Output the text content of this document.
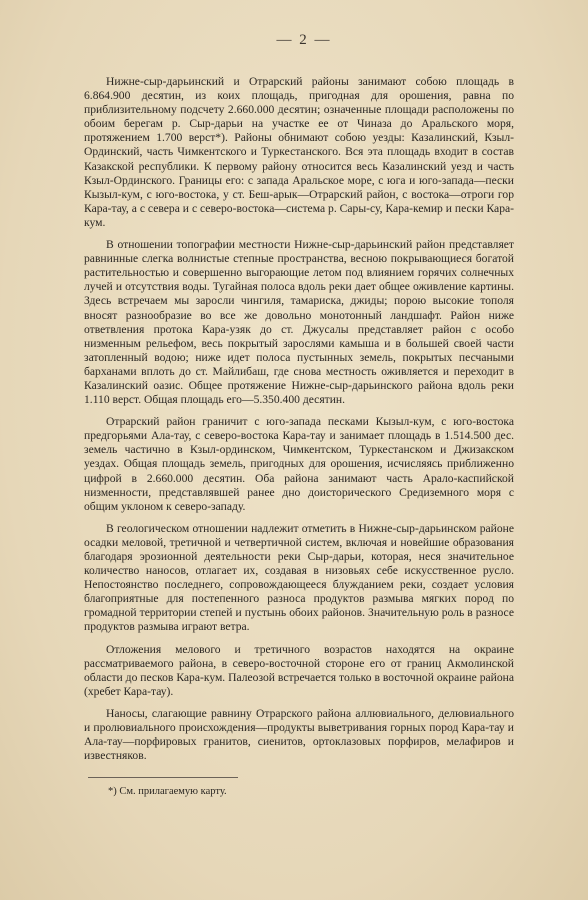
— 2 —

Нижне-сыр-дарьинский и Отрарский районы занимают собою площадь в 6.864.900 десятин, из коих площадь, пригодная для орошения, равна по приблизительному подсчету 2.660.000 десятин; означенные площади расположены по обоим берегам р. Сыр-дарьи на участке ее от Чиназа до Аральского моря, протяжением 1.700 верст*). Районы обнимают собою уезды: Казалинский, Кзыл-Ординский, часть Чимкентского и Туркестанского. Вся эта площадь входит в состав Казакской республики. К первому району относится весь Казалинский уезд и часть Кзыл-Ординского. Границы его: с запада Аральское море, с юга и юго-запада—пески Кызыл-кум, с юго-востока, у ст. Беш-арык—Отрарский район, с востока—отроги гор Кара-тау, а с севера и с северо-востока—система р. Сары-су, Кара-кемир и пески Кара-кум.

В отношении топографии местности Нижне-сыр-дарьинский район представляет равнинные слегка волнистые степные пространства, весною покрывающиеся богатой растительностью и совершенно выгорающие летом под влиянием горячих солнечных лучей и отсутствия воды. Тугайная полоса вдоль реки дает общее оживление картины. Здесь встречаем мы заросли чингиля, тамариска, джиды; порою высокие тополя вносят разнообразие во все же довольно монотонный ландшафт. Район ниже ответвления протока Кара-узяк до ст. Джусалы представляет район с особо низменным рельефом, весь покрытый зарослями камыша и в большей своей части затопленный водою; ниже идет полоса пустынных земель, покрытых песчаными барханами вплоть до ст. Майлибаш, где снова местность оживляется и переходит в Казалинский оазис. Общее протяжение Нижне-сыр-дарьинского района вдоль реки 1.110 верст. Общая площадь его—5.350.400 десятин.

Отрарский район граничит с юго-запада песками Кызыл-кум, с юго-востока предгорьями Ала-тау, с северо-востока Кара-тау и занимает площадь в 1.514.500 дес. земель частично в Кзыл-ординском, Чимкентском, Туркестанском и Джизакском уездах. Общая площадь земель, пригодных для орошения, исчисляясь приближенно цифрой в 2.660.000 десятин. Оба района занимают часть Арало-каспийской низменности, представлявшей ранее дно доисторического Средиземного моря с общим уклоном к северо-западу.

В геологическом отношении надлежит отметить в Нижне-сыр-дарьинском районе осадки меловой, третичной и четвертичной систем, включая и новейшие образования благодаря эрозионной деятельности реки Сыр-дарьи, которая, неся значительное количество наносов, отлагает их, создавая в низовьях себе искусственное русло. Непостоянство последнего, сопровождающееся блужданием реки, создает условия благоприятные для постепенного разноса продуктов размыва мягких пород по громадной территории степей и пустынь обоих районов. Значительную роль в разносе продуктов размыва играют ветра.

Отложения мелового и третичного возрастов находятся на окраине рассматриваемого района, в северо-восточной стороне его от границ Акмолинской области до песков Кара-кум. Палеозой встречается только в восточной окраине района (хребет Кара-тау).

Наносы, слагающие равнину Отрарского района аллювиального, делювиального и пролювиального происхождения—продукты выветривания горных пород Кара-тау и Ала-тау—порфировых гранитов, сиенитов, ортоклазовых порфиров, мелафиров и известняков.

*) См. прилагаемую карту.
